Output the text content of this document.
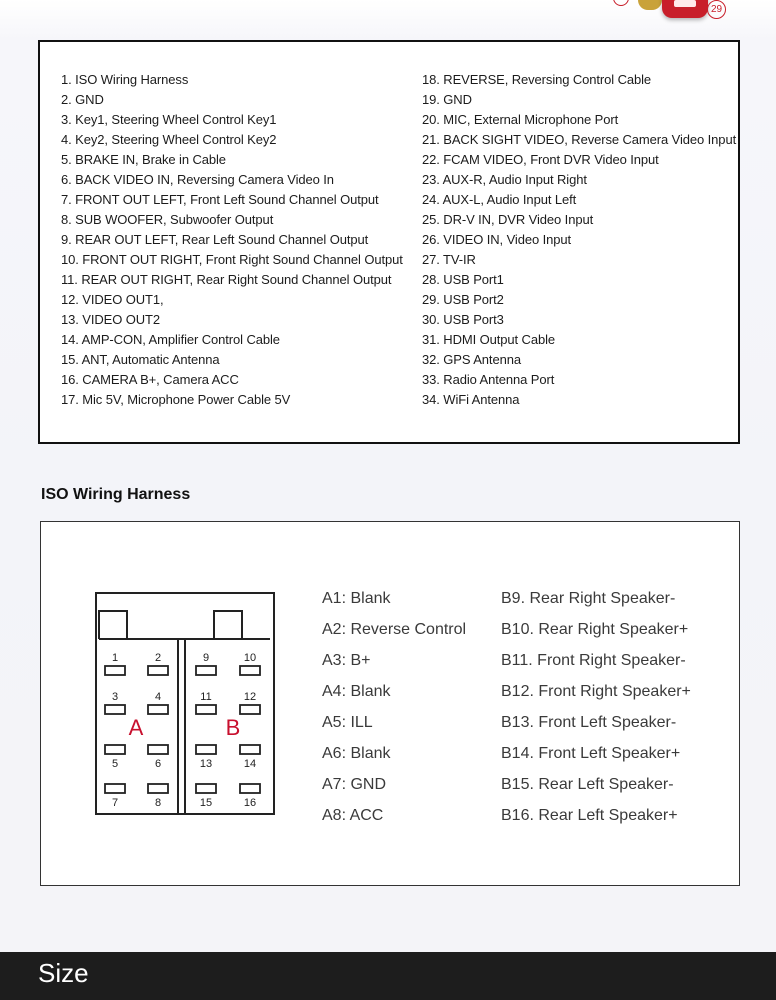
29
1. ISO Wiring Harness
2. GND
3. Key1, Steering Wheel Control Key1
4. Key2, Steering Wheel Control Key2
5. BRAKE IN, Brake in Cable
6. BACK VIDEO IN, Reversing Camera Video In
7. FRONT OUT LEFT, Front Left Sound Channel Output
8. SUB WOOFER, Subwoofer Output
9. REAR OUT LEFT, Rear Left Sound Channel Output
10. FRONT OUT RIGHT, Front Right Sound Channel Output
11. REAR OUT RIGHT, Rear Right Sound Channel Output
12. VIDEO OUT1,
13. VIDEO OUT2
14. AMP-CON, Amplifier Control Cable
15. ANT, Automatic Antenna
16. CAMERA B+, Camera ACC
17. Mic 5V, Microphone Power Cable 5V
18. REVERSE, Reversing Control Cable
19. GND
20. MIC, External Microphone Port
21. BACK SIGHT VIDEO, Reverse Camera Video Input
22. FCAM VIDEO, Front DVR Video Input
23. AUX-R, Audio Input Right
24. AUX-L, Audio Input Left
25. DR-V IN, DVR Video Input
26. VIDEO IN, Video Input
27. TV-IR
28. USB Port1
29. USB Port2
30. USB Port3
31. HDMI Output Cable
32. GPS Antenna
33. Radio Antenna Port
34. WiFi Antenna
ISO Wiring Harness
1	2
3	4
5	6
7	8
9	10
11	12
13	14
15	16
A	B
A1: Blank
A2: Reverse Control
A3: B+
A4: Blank
A5: ILL
A6: Blank
A7: GND
A8: ACC
B9. Rear Right Speaker-
B10. Rear Right Speaker+
B11. Front Right Speaker-
B12. Front Right Speaker+
B13. Front Left Speaker-
B14. Front Left Speaker+
B15. Rear Left Speaker-
B16. Rear Left Speaker+
Size
